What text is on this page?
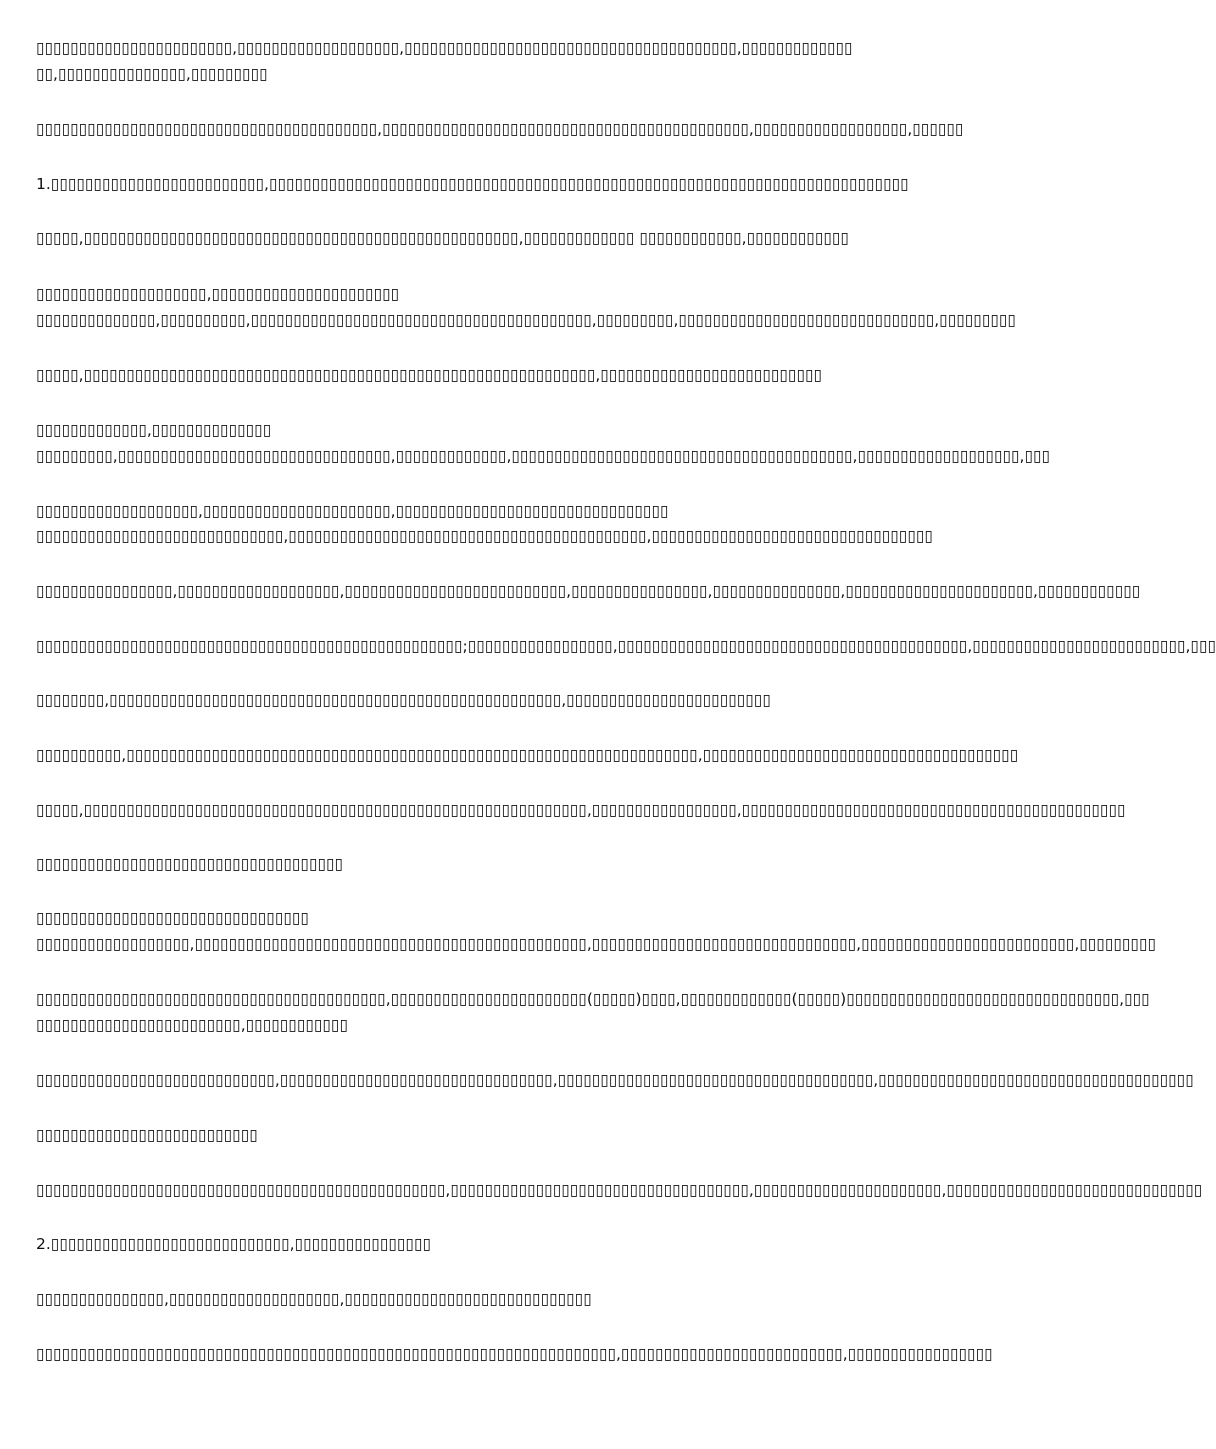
▯▯▯▯▯▯▯▯▯▯▯▯▯▯▯▯▯▯▯▯▯▯▯,▯▯▯▯▯▯▯▯▯▯▯▯▯▯▯▯▯▯▯,▯▯▯▯▯▯▯▯▯▯▯▯▯▯▯▯▯▯▯▯▯▯▯▯▯▯▯▯▯▯▯▯▯▯▯▯▯▯▯,▯▯▯▯▯▯▯▯▯▯▯▯▯
▯▯,▯▯▯▯▯▯▯▯▯▯▯▯▯▯▯,▯▯▯▯▯▯▯▯▯
▯▯▯▯▯▯▯▯▯▯▯▯▯▯▯▯▯▯▯▯▯▯▯▯▯▯▯▯▯▯▯▯▯▯▯▯▯▯▯▯,▯▯▯▯▯▯▯▯▯▯▯▯▯▯▯▯▯▯▯▯▯▯▯▯▯▯▯▯▯▯▯▯▯▯▯▯▯▯▯▯▯▯▯,▯▯▯▯▯▯▯▯▯▯▯▯▯▯▯▯▯▯,▯▯▯▯▯▯
1.▯▯▯▯▯▯▯▯▯▯▯▯▯▯▯▯▯▯▯▯▯▯▯▯▯,▯▯▯▯▯▯▯▯▯▯▯▯▯▯▯▯▯▯▯▯▯▯▯▯▯▯▯▯▯▯▯▯▯▯▯▯▯▯▯▯▯▯▯▯▯▯▯▯▯▯▯▯▯▯▯▯▯▯▯▯▯▯▯▯▯▯▯▯▯▯▯▯▯▯▯
▯▯▯▯▯,▯▯▯▯▯▯▯▯▯▯▯▯▯▯▯▯▯▯▯▯▯▯▯▯▯▯▯▯▯▯▯▯▯▯▯▯▯▯▯▯▯▯▯▯▯▯▯▯▯▯▯,▯▯▯▯▯▯▯▯▯▯▯▯▯ ▯▯▯▯▯▯▯▯▯▯▯▯,▯▯▯▯▯▯▯▯▯▯▯▯
▯▯▯▯▯▯▯▯▯▯▯▯▯▯▯▯▯▯▯▯,▯▯▯▯▯▯▯▯▯▯▯▯▯▯▯▯▯▯▯▯▯▯
▯▯▯▯▯▯▯▯▯▯▯▯▯▯,▯▯▯▯▯▯▯▯▯▯,▯▯▯▯▯▯▯▯▯▯▯▯▯▯▯▯▯▯▯▯▯▯▯▯▯▯▯▯▯▯▯▯▯▯▯▯▯▯▯▯,▯▯▯▯▯▯▯▯▯,▯▯▯▯▯▯▯▯▯▯▯▯▯▯▯▯▯▯▯▯▯▯▯▯▯▯▯▯▯▯,▯▯▯▯▯▯▯▯▯
▯▯▯▯▯,▯▯▯▯▯▯▯▯▯▯▯▯▯▯▯▯▯▯▯▯▯▯▯▯▯▯▯▯▯▯▯▯▯▯▯▯▯▯▯▯▯▯▯▯▯▯▯▯▯▯▯▯▯▯▯▯▯▯▯▯,▯▯▯▯▯▯▯▯▯▯▯▯▯▯▯▯▯▯▯▯▯▯▯▯▯▯
▯▯▯▯▯▯▯▯▯▯▯▯▯,▯▯▯▯▯▯▯▯▯▯▯▯▯▯
▯▯▯▯▯▯▯▯▯,▯▯▯▯▯▯▯▯▯▯▯▯▯▯▯▯▯▯▯▯▯▯▯▯▯▯▯▯▯▯▯▯,▯▯▯▯▯▯▯▯▯▯▯▯▯,▯▯▯▯▯▯▯▯▯▯▯▯▯▯▯▯▯▯▯▯▯▯▯▯▯▯▯▯▯▯▯▯▯▯▯▯▯▯▯▯,▯▯▯▯▯▯▯▯▯▯▯▯▯▯▯▯▯▯▯,▯▯▯
▯▯▯▯▯▯▯▯▯▯▯▯▯▯▯▯▯▯▯,▯▯▯▯▯▯▯▯▯▯▯▯▯▯▯▯▯▯▯▯▯▯,▯▯▯▯▯▯▯▯▯▯▯▯▯▯▯▯▯▯▯▯▯▯▯▯▯▯▯▯▯▯▯▯
▯▯▯▯▯▯▯▯▯▯▯▯▯▯▯▯▯▯▯▯▯▯▯▯▯▯▯▯▯,▯▯▯▯▯▯▯▯▯▯▯▯▯▯▯▯▯▯▯▯▯▯▯▯▯▯▯▯▯▯▯▯▯▯▯▯▯▯▯▯▯▯,▯▯▯▯▯▯▯▯▯▯▯▯▯▯▯▯▯▯▯▯▯▯▯▯▯▯▯▯▯▯▯▯▯
▯▯▯▯▯▯▯▯▯▯▯▯▯▯▯▯,▯▯▯▯▯▯▯▯▯▯▯▯▯▯▯▯▯▯▯,▯▯▯▯▯▯▯▯▯▯▯▯▯▯▯▯▯▯▯▯▯▯▯▯▯▯,▯▯▯▯▯▯▯▯▯▯▯▯▯▯▯▯,▯▯▯▯▯▯▯▯▯▯▯▯▯▯▯,▯▯▯▯▯▯▯▯▯▯▯▯▯▯▯▯▯▯▯▯▯▯,▯▯▯▯▯▯▯▯▯▯▯▯
▯▯▯▯▯▯▯▯▯▯▯▯▯▯▯▯▯▯▯▯▯▯▯▯▯▯▯▯▯▯▯▯▯▯▯▯▯▯▯▯▯▯▯▯▯▯▯▯▯▯;▯▯▯▯▯▯▯▯▯▯▯▯▯▯▯▯▯,▯▯▯▯▯▯▯▯▯▯▯▯▯▯▯▯▯▯▯▯▯▯▯▯▯▯▯▯▯▯▯▯▯▯▯▯▯▯▯▯▯,▯▯▯▯▯▯▯▯▯▯▯▯▯▯▯▯▯▯▯▯▯▯▯▯▯,▯▯▯
▯▯▯▯▯▯▯▯,▯▯▯▯▯▯▯▯▯▯▯▯▯▯▯▯▯▯▯▯▯▯▯▯▯▯▯▯▯▯▯▯▯▯▯▯▯▯▯▯▯▯▯▯▯▯▯▯▯▯▯▯▯,▯▯▯▯▯▯▯▯▯▯▯▯▯▯▯▯▯▯▯▯▯▯▯▯
▯▯▯▯▯▯▯▯▯▯,▯▯▯▯▯▯▯▯▯▯▯▯▯▯▯▯▯▯▯▯▯▯▯▯▯▯▯▯▯▯▯▯▯▯▯▯▯▯▯▯▯▯▯▯▯▯▯▯▯▯▯▯▯▯▯▯▯▯▯▯▯▯▯▯▯▯▯,▯▯▯▯▯▯▯▯▯▯▯▯▯▯▯▯▯▯▯▯▯▯▯▯▯▯▯▯▯▯▯▯▯▯▯▯▯
▯▯▯▯▯,▯▯▯▯▯▯▯▯▯▯▯▯▯▯▯▯▯▯▯▯▯▯▯▯▯▯▯▯▯▯▯▯▯▯▯▯▯▯▯▯▯▯▯▯▯▯▯▯▯▯▯▯▯▯▯▯▯▯▯,▯▯▯▯▯▯▯▯▯▯▯▯▯▯▯▯▯,▯▯▯▯▯▯▯▯▯▯▯▯▯▯▯▯▯▯▯▯▯▯▯▯▯▯▯▯▯▯▯▯▯▯▯▯▯▯▯▯▯▯▯▯▯
▯▯▯▯▯▯▯▯▯▯▯▯▯▯▯▯▯▯▯▯▯▯▯▯▯▯▯▯▯▯▯▯▯▯▯▯
▯▯▯▯▯▯▯▯▯▯▯▯▯▯▯▯▯▯▯▯▯▯▯▯▯▯▯▯▯▯▯▯
▯▯▯▯▯▯▯▯▯▯▯▯▯▯▯▯▯▯,▯▯▯▯▯▯▯▯▯▯▯▯▯▯▯▯▯▯▯▯▯▯▯▯▯▯▯▯▯▯▯▯▯▯▯▯▯▯▯▯▯▯▯▯▯▯,▯▯▯▯▯▯▯▯▯▯▯▯▯▯▯▯▯▯▯▯▯▯▯▯▯▯▯▯▯▯▯,▯▯▯▯▯▯▯▯▯▯▯▯▯▯▯▯▯▯▯▯▯▯▯▯▯,▯▯▯▯▯▯▯▯▯
▯▯▯▯▯▯▯▯▯▯▯▯▯▯▯▯▯▯▯▯▯▯▯▯▯▯▯▯▯▯▯▯▯▯▯▯▯▯▯▯▯,▯▯▯▯▯▯▯▯▯▯▯▯▯▯▯▯▯▯▯▯▯▯▯(▯▯▯▯▯)▯▯▯▯,▯▯▯▯▯▯▯▯▯▯▯▯▯(▯▯▯▯▯)▯▯▯▯▯▯▯▯▯▯▯▯▯▯▯▯▯▯▯▯▯▯▯▯▯▯▯▯▯▯▯▯,▯▯▯
▯▯▯▯▯▯▯▯▯▯▯▯▯▯▯▯▯▯▯▯▯▯▯▯,▯▯▯▯▯▯▯▯▯▯▯▯
▯▯▯▯▯▯▯▯▯▯▯▯▯▯▯▯▯▯▯▯▯▯▯▯▯▯▯▯,▯▯▯▯▯▯▯▯▯▯▯▯▯▯▯▯▯▯▯▯▯▯▯▯▯▯▯▯▯▯▯▯,▯▯▯▯▯▯▯▯▯▯▯▯▯▯▯▯▯▯▯▯▯▯▯▯▯▯▯▯▯▯▯▯▯▯▯▯▯,▯▯▯▯▯▯▯▯▯▯▯▯▯▯▯▯▯▯▯▯▯▯▯▯▯▯▯▯▯▯▯▯▯▯▯▯▯
▯▯▯▯▯▯▯▯▯▯▯▯▯▯▯▯▯▯▯▯▯▯▯▯▯▯
▯▯▯▯▯▯▯▯▯▯▯▯▯▯▯▯▯▯▯▯▯▯▯▯▯▯▯▯▯▯▯▯▯▯▯▯▯▯▯▯▯▯▯▯▯▯▯▯,▯▯▯▯▯▯▯▯▯▯▯▯▯▯▯▯▯▯▯▯▯▯▯▯▯▯▯▯▯▯▯▯▯▯▯,▯▯▯▯▯▯▯▯▯▯▯▯▯▯▯▯▯▯▯▯▯▯,▯▯▯▯▯▯▯▯▯▯▯▯▯▯▯▯▯▯▯▯▯▯▯▯▯▯▯▯▯▯
2.▯▯▯▯▯▯▯▯▯▯▯▯▯▯▯▯▯▯▯▯▯▯▯▯▯▯▯▯,▯▯▯▯▯▯▯▯▯▯▯▯▯▯▯▯
▯▯▯▯▯▯▯▯▯▯▯▯▯▯▯,▯▯▯▯▯▯▯▯▯▯▯▯▯▯▯▯▯▯▯▯,▯▯▯▯▯▯▯▯▯▯▯▯▯▯▯▯▯▯▯▯▯▯▯▯▯▯▯▯▯
▯▯▯▯▯▯▯▯▯▯▯▯▯▯▯▯▯▯▯▯▯▯▯▯▯▯▯▯▯▯▯▯▯▯▯▯▯▯▯▯▯▯▯▯▯▯▯▯▯▯▯▯▯▯▯▯▯▯▯▯▯▯▯▯▯▯▯▯,▯▯▯▯▯▯▯▯▯▯▯▯▯▯▯▯▯▯▯▯▯▯▯▯▯▯,▯▯▯▯▯▯▯▯▯▯▯▯▯▯▯▯▯
